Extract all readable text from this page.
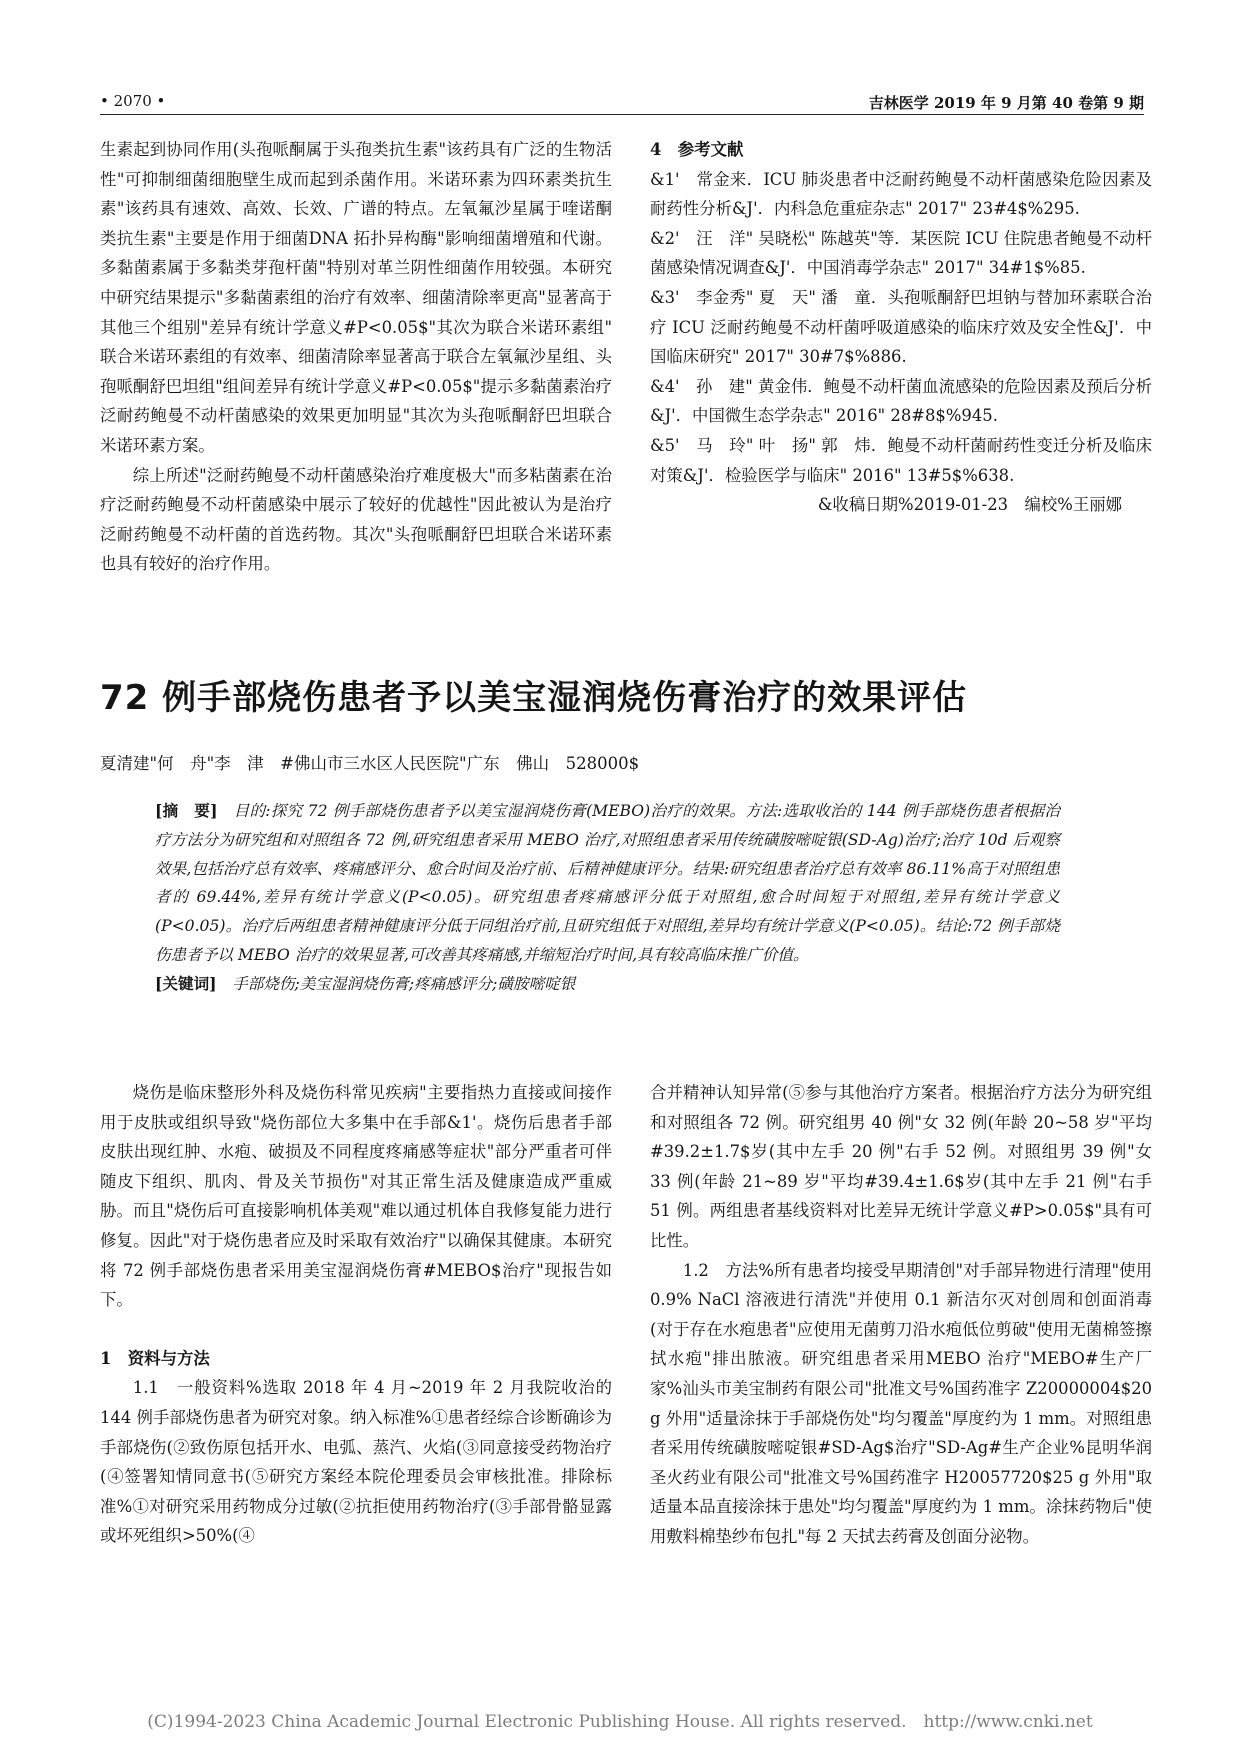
• 2070 •	吉林医学 2019 年 9 月第 40 卷第 9 期

生素起到协同作用(头孢哌酮属于头孢类抗生素"该药具有广泛的生物活性"可抑制细菌细胞壁生成而起到杀菌作用。米诺环素为四环素类抗生素"该药具有速效、高效、长效、广谱的特点。左氧氟沙星属于喹诺酮类抗生素"主要是作用于细菌DNA 拓扑异构酶"影响细菌增殖和代谢。多黏菌素属于多黏类芽孢杆菌"特别对革兰阴性细菌作用较强。本研究中研究结果提示"多黏菌素组的治疗有效率、细菌清除率更高"显著高于其他三个组别"差异有统计学意义#P<0.05$"其次为联合米诺环素组" 联合米诺环素组的有效率、细菌清除率显著高于联合左氧氟沙星组、头孢哌酮舒巴坦组"组间差异有统计学意义#P<0.05$"提示多黏菌素治疗泛耐药鲍曼不动杆菌感染的效果更加明显"其次为头孢哌酮舒巴坦联合米诺环素方案。

综上所述"泛耐药鲍曼不动杆菌感染治疗难度极大"而多粘菌素在治疗泛耐药鲍曼不动杆菌感染中展示了较好的优越性"因此被认为是治疗泛耐药鲍曼不动杆菌的首选药物。其次"头孢哌酮舒巴坦联合米诺环素也具有较好的治疗作用。

4　参考文献

&1'　常金来．ICU 肺炎患者中泛耐药鲍曼不动杆菌感染危险因素及耐药性分析&J'．内科急危重症杂志" 2017" 23#4$%295.

&2'　汪　洋" 吴晓松" 陈越英"等．某医院 ICU 住院患者鲍曼不动杆菌感染情况调查&J'．中国消毒学杂志" 2017" 34#1$%85.

&3'　李金秀" 夏　天" 潘　童．头孢哌酮舒巴坦钠与替加环素联合治疗 ICU 泛耐药鲍曼不动杆菌呼吸道感染的临床疗效及安全性&J'．中国临床研究" 2017" 30#7$%886.

&4'　孙　建" 黄金伟．鲍曼不动杆菌血流感染的危险因素及预后分析&J'．中国微生态学杂志" 2016" 28#8$%945.

&5'　马　玲" 叶　扬" 郭　炜．鲍曼不动杆菌耐药性变迁分析及临床对策&J'．检验医学与临床" 2016" 13#5$%638.

&收稿日期%2019-01-23　编校%王丽娜

72 例手部烧伤患者予以美宝湿润烧伤膏治疗的效果评估
夏清建"何　舟"李　津　#佛山市三水区人民医院"广东　佛山　528000$

[摘　要]　 目的:探究 72 例手部烧伤患者予以美宝湿润烧伤膏(MEBO)治疗的效果。方法:选取收治的 144 例手部烧伤患者根据治疗方法分为研究组和对照组各 72 例,研究组患者采用 MEBO 治疗,对照组患者采用传统磺胺嘧啶银(SD-Ag)治疗;治疗 10d 后观察效果,包括治疗总有效率、疼痛感评分、愈合时间及治疗前、后精神健康评分。结果:研究组患者治疗总有效率 86.11%高于对照组患者的 69.44%,差异有统计学意义(P<0.05)。研究组患者疼痛感评分低于对照组,愈合时间短于对照组,差异有统计学意义(P<0.05)。治疗后两组患者精神健康评分低于同组治疗前,且研究组低于对照组,差异均有统计学意义(P<0.05)。结论:72 例手部烧伤患者予以 MEBO 治疗的效果显著,可改善其疼痛感,并缩短治疗时间,具有较高临床推广价值。

[关键词]　 手部烧伤;美宝湿润烧伤膏;疼痛感评分;磺胺嘧啶银

烧伤是临床整形外科及烧伤科常见疾病"主要指热力直接或间接作用于皮肤或组织导致"烧伤部位大多集中在手部&1'。烧伤后患者手部皮肤出现红肿、水疱、破损及不同程度疼痛感等症状"部分严重者可伴随皮下组织、肌肉、骨及关节损伤"对其正常生活及健康造成严重威胁。而且"烧伤后可直接影响机体美观"难以通过机体自我修复能力进行修复。因此"对于烧伤患者应及时采取有效治疗"以确保其健康。本研究将 72 例手部烧伤患者采用美宝湿润烧伤膏#MEBO$治疗"现报告如下。

1　资料与方法

1.1　一般资料%选取 2018 年 4 月~2019 年 2 月我院收治的 144 例手部烧伤患者为研究对象。纳入标准%①患者经综合诊断确诊为手部烧伤(②致伤原包括开水、电弧、蒸汽、火焰(③同意接受药物治疗(④签署知情同意书(⑤研究方案经本院伦理委员会审核批准。排除标准%①对研究采用药物成分过敏(②抗拒使用药物治疗(③手部骨骼显露或坏死组织>50%(④

合并精神认知异常(⑤参与其他治疗方案者。根据治疗方法分为研究组和对照组各 72 例。研究组男 40 例"女 32 例(年龄 20~58 岁"平均#39.2±1.7$岁(其中左手 20 例"右手 52 例。对照组男 39 例"女 33 例(年龄 21~89 岁"平均#39.4±1.6$岁(其中左手 21 例"右手 51 例。两组患者基线资料对比差异无统计学意义#P>0.05$"具有可比性。

1.2　方法%所有患者均接受早期清创"对手部异物进行清理"使用 0.9% NaCl 溶液进行清洗"并使用 0.1 新洁尔灭对创周和创面消毒(对于存在水疱患者"应使用无菌剪刀沿水疱低位剪破"使用无菌棉签擦拭水疱"排出脓液。研究组患者采用MEBO 治疗"MEBO#生产厂家%汕头市美宝制药有限公司"批准文号%国药准字 Z20000004$20 g 外用"适量涂抹于手部烧伤处"均匀覆盖"厚度约为 1 mm。对照组患者采用传统磺胺嘧啶银#SD-Ag$治疗"SD-Ag#生产企业%昆明华润圣火药业有限公司"批准文号%国药准字 H20057720$25 g 外用"取适量本品直接涂抹于患处"均匀覆盖"厚度约为 1 mm。涂抹药物后"使用敷料棉垫纱布包扎"每 2 天拭去药膏及创面分泌物。

(C)1994-2023 China Academic Journal Electronic Publishing House. All rights reserved.　http://www.cnki.net
